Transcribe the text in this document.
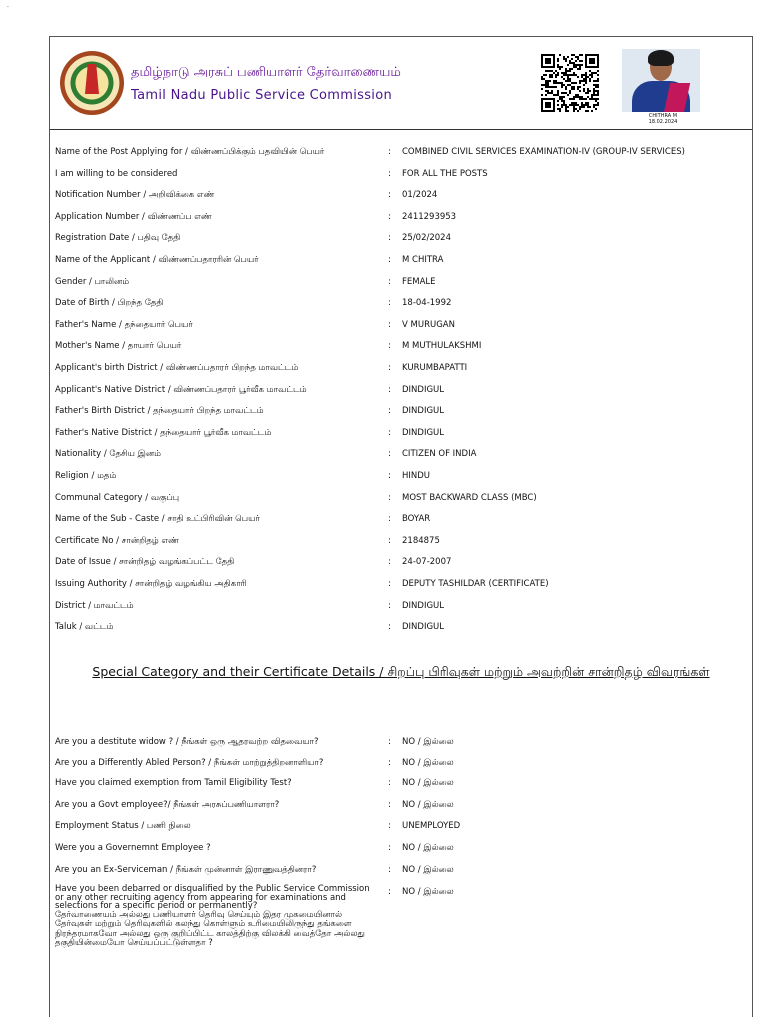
-
தமிழ்நாடு அரசுப் பணியாளர் தேர்வாணையம்
Tamil Nadu Public Service Commission
CHITHRA M
18.02.2024
Name of the Post Applying for / விண்ணப்பிக்கும் பதவியின் பெயர்	: COMBINED CIVIL SERVICES EXAMINATION-IV (GROUP-IV SERVICES)
I am willing to be considered	: FOR ALL THE POSTS
Notification Number / அறிவிக்கை எண்	: 01/2024
Application Number / விண்ணப்ப எண்	: 2411293953
Registration Date / பதிவு தேதி	: 25/02/2024
Name of the Applicant / விண்ணப்பதாரரின் பெயர்	: M CHITRA
Gender / பாலினம்	: FEMALE
Date of Birth / பிறந்த தேதி	: 18-04-1992
Father's Name / தந்தையார் பெயர்	: V MURUGAN
Mother's Name / தாயார் பெயர்	: M MUTHULAKSHMI
Applicant's birth District / விண்ணப்பதாரர் பிறந்த மாவட்டம்	: KURUMBAPATTI
Applicant's Native District / விண்ணப்பதாரர் பூர்வீக மாவட்டம்	: DINDIGUL
Father's Birth District / தந்தையார் பிறந்த மாவட்டம்	: DINDIGUL
Father's Native District / தந்தையார் பூர்வீக மாவட்டம்	: DINDIGUL
Nationality / தேசிய இனம்	: CITIZEN OF INDIA
Religion / மதம்	: HINDU
Communal Category / வகுப்பு	: MOST BACKWARD CLASS (MBC)
Name of the Sub - Caste / சாதி உட்பிரிவின் பெயர்	: BOYAR
Certificate No / சான்றிதழ் எண்	: 2184875
Date of Issue / சான்றிதழ் வழங்கப்பட்ட தேதி	: 24-07-2007
Issuing Authority / சான்றிதழ் வழங்கிய அதிகாரி	: DEPUTY TASHILDAR (CERTIFICATE)
District / மாவட்டம்	: DINDIGUL
Taluk / வட்டம்	: DINDIGUL
Special Category and their Certificate Details / சிறப்பு பிரிவுகள் மற்றும் அவற்றின் சான்றிதழ் விவரங்கள்
Are you a destitute widow ? / நீங்கள் ஒரு ஆதரவற்ற விதவையா?	: NO / இல்லை
Are you a Differently Abled Person? / நீங்கள் மாற்றுத்திறனாளியா?	: NO / இல்லை
Have you claimed exemption from Tamil Eligibility Test?	: NO / இல்லை
Are you a Govt employee?/ நீங்கள் அரசுப்பணியாளரா?	: NO / இல்லை
Employment Status / பணி நிலை	: UNEMPLOYED
Were you a Governemnt Employee ?	: NO / இல்லை
Are you an Ex-Serviceman / நீங்கள் முன்னாள் இராணுவத்தினரா?	: NO / இல்லை
Have you been debarred or disqualified by the Public Service Commission or any other recruiting agency from appearing for examinations and selections for a specific period or permanently?
தேர்வாணையம் அல்லது பணியாளர் தெரிவு செய்யும் இதர முகமையினால் தேர்வுகள் மற்றும் தெரிவுகளில் கலந்து கொள்ளும் உரிமையிலிருந்து தங்களை நிரந்தரமாகவோ அல்லது ஒரு குறிப்பிட்ட காலத்திற்கு விலக்கி வைத்தோ அல்லது தகுதியின்மையோ செய்யப்பட்டுள்ளதா ?
: NO / இல்லை
